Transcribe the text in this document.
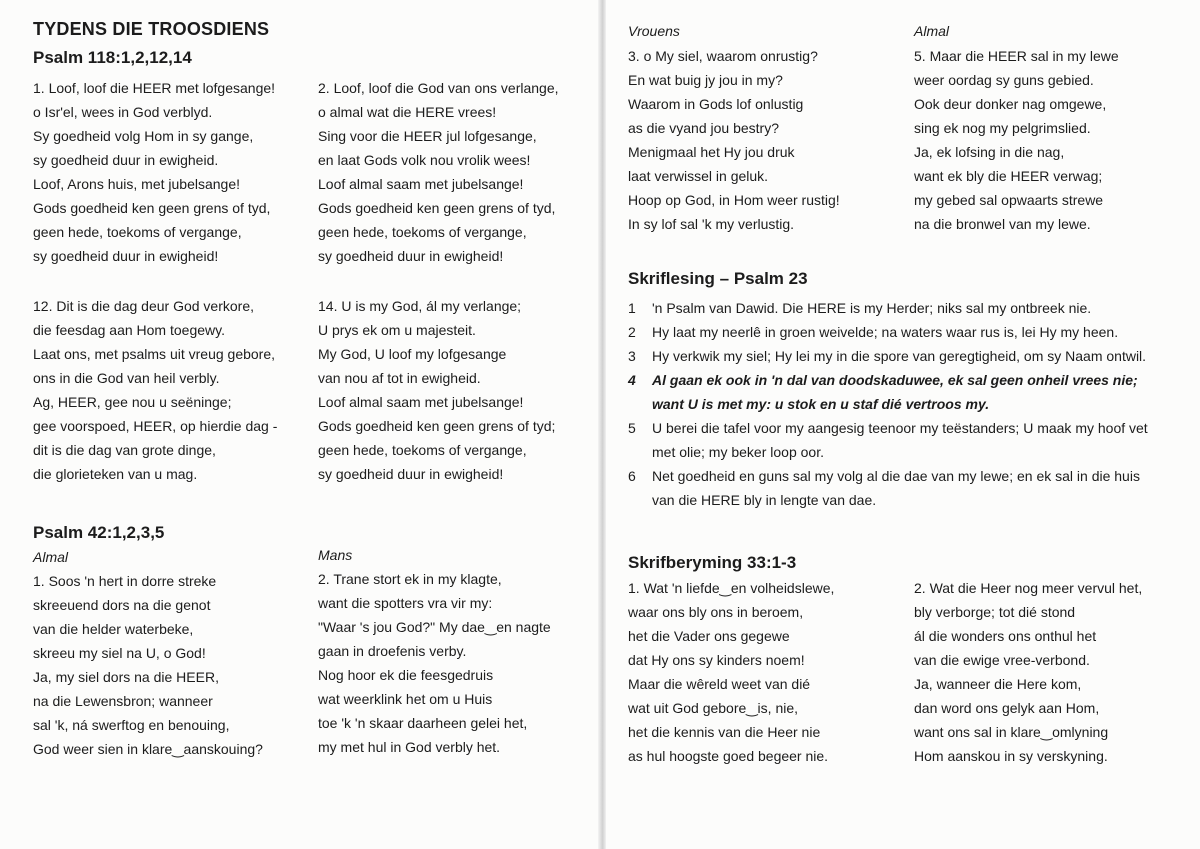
TYDENS DIE TROOSDIENS
Psalm 118:1,2,12,14
1. Loof, loof die HEER met lofgesange!
o Isr'el, wees in God verblyd.
Sy goedheid volg Hom in sy gange,
sy goedheid duur in ewigheid.
Loof, Arons huis, met jubelsange!
Gods goedheid ken geen grens of tyd,
geen hede, toekoms of vergange,
sy goedheid duur in ewigheid!
2. Loof, loof die God van ons verlange,
o almal wat die HERE vrees!
Sing voor die HEER jul lofgesange,
en laat Gods volk nou vrolik wees!
Loof almal saam met jubelsange!
Gods goedheid ken geen grens of tyd,
geen hede, toekoms of vergange,
sy goedheid duur in ewigheid!
12. Dit is die dag deur God verkore,
die feesdag aan Hom toegewy.
Laat ons, met psalms uit vreug gebore,
ons in die God van heil verbly.
Ag, HEER, gee nou u seëninge;
gee voorspoed, HEER, op hierdie dag -
dit is die dag van grote dinge,
die glorieteken van u mag.
14. U is my God, ál my verlange;
U prys ek om u majesteit.
My God, U loof my lofgesange
van nou af tot in ewigheid.
Loof almal saam met jubelsange!
Gods goedheid ken geen grens of tyd;
geen hede, toekoms of vergange,
sy goedheid duur in ewigheid!
Psalm 42:1,2,3,5
Almal	Mans
1. Soos 'n hert in dorre streke
skreeuend dors na die genot
van die helder waterbeke,
skreeu my siel na U, o God!
Ja, my siel dors na die HEER,
na die Lewensbron; wanneer
sal 'k, ná swerftog en benouing,
God weer sien in klare‿aanskouing?
2. Trane stort ek in my klagte,
want die spotters vra vir my:
"Waar 's jou God?" My dae‿en nagte
gaan in droefenis verby.
Nog hoor ek die feesgedruis
wat weerklink het om u Huis
toe 'k 'n skaar daarheen gelei het,
my met hul in God verbly het.
Vrouens	Almal
3. o My siel, waarom onrustig?
En wat buig jy jou in my?
Waarom in Gods lof onlustig
as die vyand jou bestry?
Menigmaal het Hy jou druk
laat verwissel in geluk.
Hoop op God, in Hom weer rustig!
In sy lof sal 'k my verlustig.
5. Maar die HEER sal in my lewe
weer oordag sy guns gebied.
Ook deur donker nag omgewe,
sing ek nog my pelgrimslied.
Ja, ek lofsing in die nag,
want ek bly die HEER verwag;
my gebed sal opwaarts strewe
na die bronwel van my lewe.
Skriflesing – Psalm 23
1	'n Psalm van Dawid. Die HERE is my Herder; niks sal my ontbreek nie.
2	Hy laat my neerlê in groen weivelde; na waters waar rus is, lei Hy my heen.
3	Hy verkwik my siel; Hy lei my in die spore van geregtigheid, om sy Naam ontwil.
4	Al gaan ek ook in 'n dal van doodskaduwee, ek sal geen onheil vrees nie;
want U is met my: u stok en u staf dié vertroos my.
5	U berei die tafel voor my aangesig teenoor my teëstanders; U maak my hoof vet
met olie; my beker loop oor.
6	Net goedheid en guns sal my volg al die dae van my lewe; en ek sal in die huis
van die HERE bly in lengte van dae.
Skrifberyming 33:1-3
1. Wat 'n liefde‿en volheidslewe,
waar ons bly ons in beroem,
het die Vader ons gegewe
dat Hy ons sy kinders noem!
Maar die wêreld weet van dié
wat uit God gebore‿is, nie,
het die kennis van die Heer nie
as hul hoogste goed begeer nie.
2. Wat die Heer nog meer vervul het,
bly verborge; tot dié stond
ál die wonders ons onthul het
van die ewige vree-verbond.
Ja, wanneer die Here kom,
dan word ons gelyk aan Hom,
want ons sal in klare‿omlyning
Hom aanskou in sy verskyning.
